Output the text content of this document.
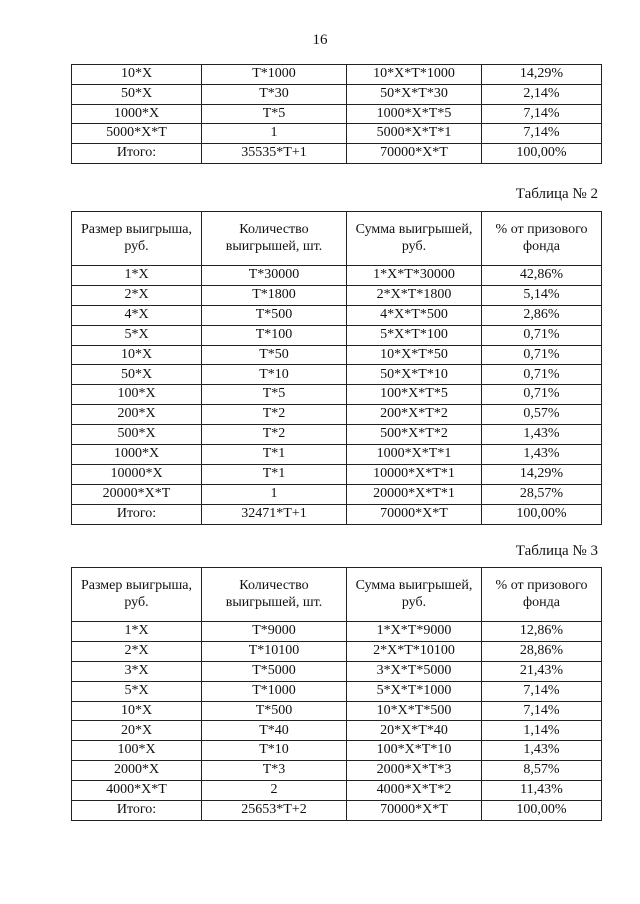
16
10*X	T*1000	10*X*T*1000	14,29%
50*X	T*30	50*X*T*30	2,14%
1000*X	T*5	1000*X*T*5	7,14%
5000*X*T	1	5000*X*T*1	7,14%
Итого:	35535*T+1	70000*X*T	100,00%
Таблица № 2
Размер выигрыша, руб.	Количество выигрышей, шт.	Сумма выигрышей, руб.	% от призового фонда
1*X	T*30000	1*X*T*30000	42,86%
2*X	T*1800	2*X*T*1800	5,14%
4*X	T*500	4*X*T*500	2,86%
5*X	T*100	5*X*T*100	0,71%
10*X	T*50	10*X*T*50	0,71%
50*X	T*10	50*X*T*10	0,71%
100*X	T*5	100*X*T*5	0,71%
200*X	T*2	200*X*T*2	0,57%
500*X	T*2	500*X*T*2	1,43%
1000*X	T*1	1000*X*T*1	1,43%
10000*X	T*1	10000*X*T*1	14,29%
20000*X*T	1	20000*X*T*1	28,57%
Итого:	32471*T+1	70000*X*T	100,00%
Таблица № 3
Размер выигрыша, руб.	Количество выигрышей, шт.	Сумма выигрышей, руб.	% от призового фонда
1*X	T*9000	1*X*T*9000	12,86%
2*X	T*10100	2*X*T*10100	28,86%
3*X	T*5000	3*X*T*5000	21,43%
5*X	T*1000	5*X*T*1000	7,14%
10*X	T*500	10*X*T*500	7,14%
20*X	T*40	20*X*T*40	1,14%
100*X	T*10	100*X*T*10	1,43%
2000*X	T*3	2000*X*T*3	8,57%
4000*X*T	2	4000*X*T*2	11,43%
Итого:	25653*T+2	70000*X*T	100,00%
